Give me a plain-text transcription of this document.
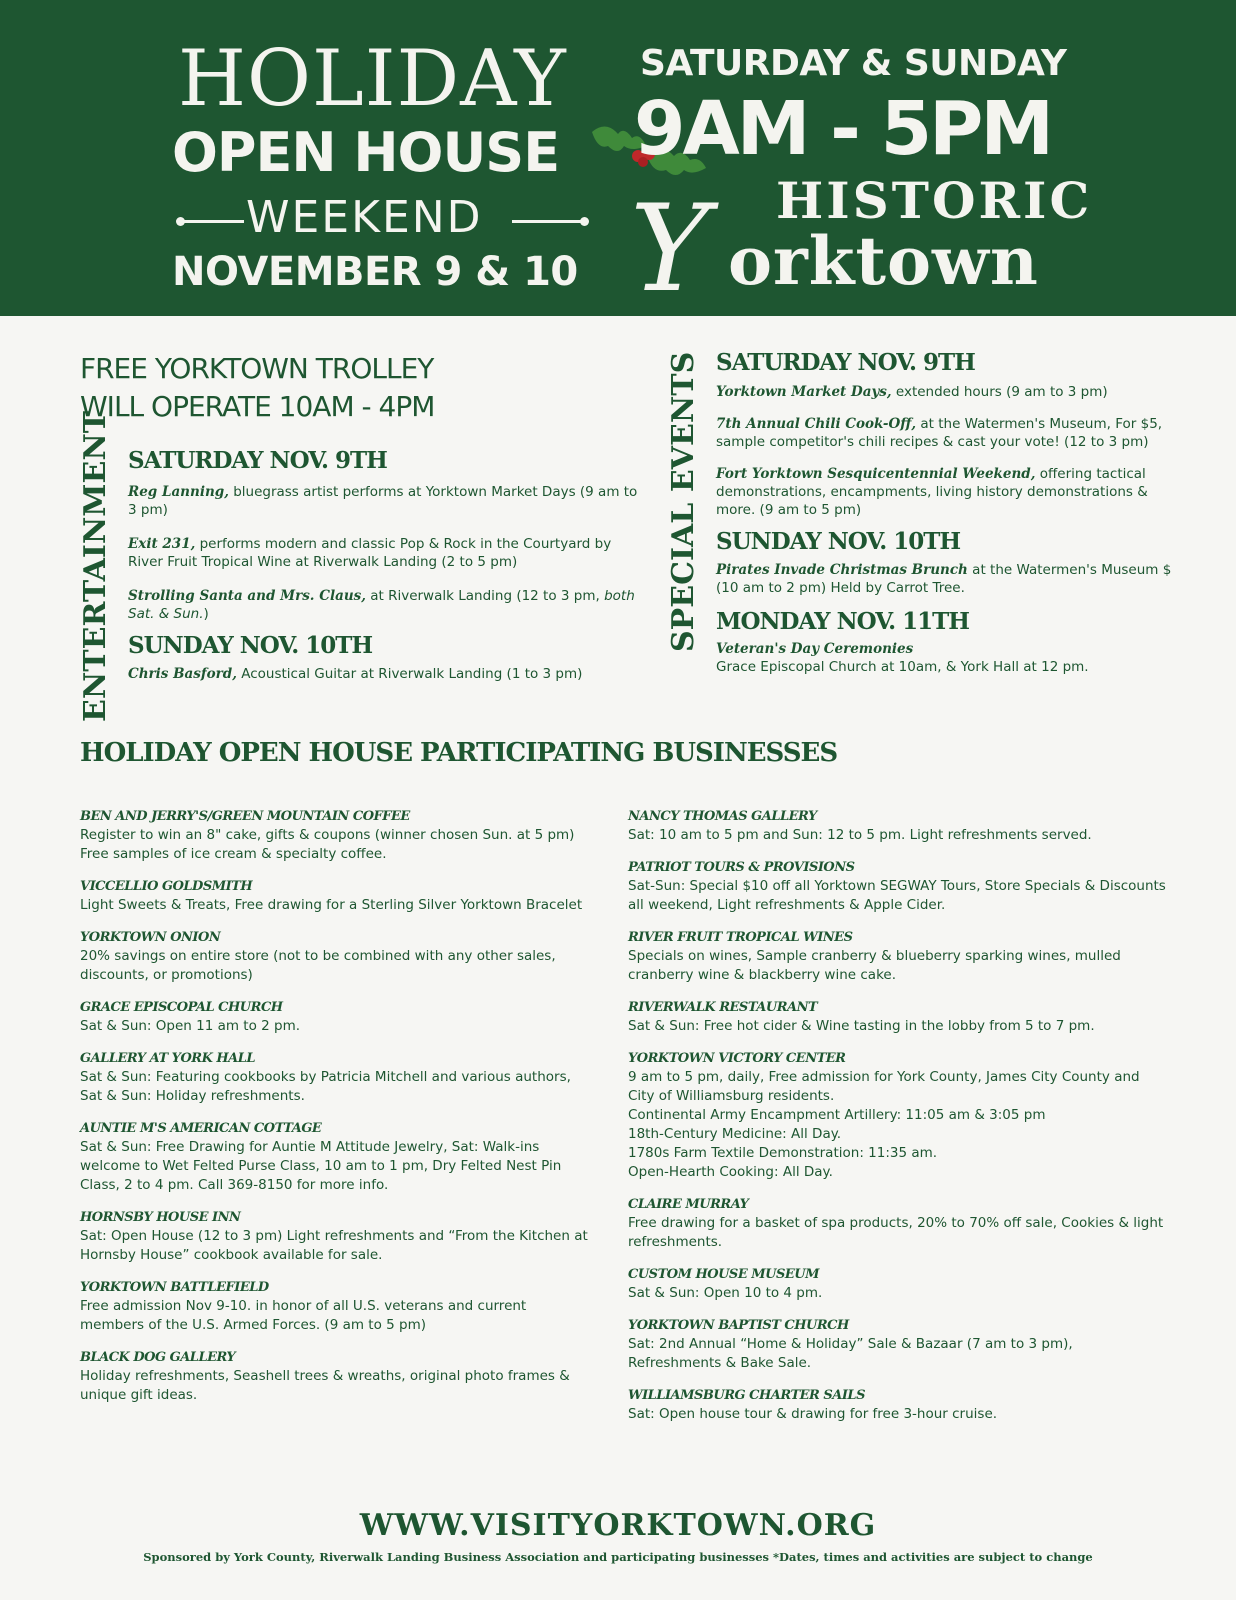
HOLIDAY
OPEN HOUSE
WEEKEND
NOVEMBER 9 & 10
SATURDAY & SUNDAY
9AM - 5PM
HISTORIC
Y orktown
FREE YORKTOWN TROLLEY
WILL OPERATE 10AM - 4PM
ENTERTAINMENT SATURDAY NOV. 9TH

Reg Lanning, bluegrass artist performs at Yorktown Market Days (9 am to 3 pm)

Exit 231, performs modern and classic Pop & Rock in the Courtyard by River Fruit Tropical Wine at Riverwalk Landing (2 to 5 pm)

Strolling Santa and Mrs. Claus, at Riverwalk Landing (12 to 3 pm, both Sat. & Sun.)

SUNDAY NOV. 10TH

Chris Basford, Acoustical Guitar at Riverwalk Landing (1 to 3 pm)

SPECIAL EVENTS SATURDAY NOV. 9TH

Yorktown Market Days, extended hours (9 am to 3 pm)

7th Annual Chili Cook-Off, at the Watermen's Museum, For $5, sample competitor's chili recipes & cast your vote! (12 to 3 pm)

Fort Yorktown Sesquicentennial Weekend, offering tactical demonstrations, encampments, living history demonstrations & more. (9 am to 5 pm)

SUNDAY NOV. 10TH

Pirates Invade Christmas Brunch at the Watermen's Museum $ (10 am to 2 pm) Held by Carrot Tree.

MONDAY NOV. 11TH

Veteran's Day Ceremonies
Grace Episcopal Church at 10am, & York Hall at 12 pm.

HOLIDAY OPEN HOUSE PARTICIPATING BUSINESSES
BEN AND JERRY'S/GREEN MOUNTAIN COFFEE
Register to win an 8" cake, gifts & coupons (winner chosen Sun. at 5 pm) Free samples of ice cream & specialty coffee.
VICCELLIO GOLDSMITH
Light Sweets & Treats, Free drawing for a Sterling Silver Yorktown Bracelet
YORKTOWN ONION
20% savings on entire store (not to be combined with any other sales, discounts, or promotions)
GRACE EPISCOPAL CHURCH
Sat & Sun: Open 11 am to 2 pm.
GALLERY AT YORK HALL
Sat & Sun: Featuring cookbooks by Patricia Mitchell and various authors, Sat & Sun: Holiday refreshments.
AUNTIE M'S AMERICAN COTTAGE
Sat & Sun: Free Drawing for Auntie M Attitude Jewelry, Sat: Walk-ins welcome to Wet Felted Purse Class, 10 am to 1 pm, Dry Felted Nest Pin Class, 2 to 4 pm. Call 369-8150 for more info.
HORNSBY HOUSE INN
Sat: Open House (12 to 3 pm) Light refreshments and “From the Kitchen at Hornsby House” cookbook available for sale.
YORKTOWN BATTLEFIELD
Free admission Nov 9-10. in honor of all U.S. veterans and current members of the U.S. Armed Forces. (9 am to 5 pm)
BLACK DOG GALLERY
Holiday refreshments, Seashell trees & wreaths, original photo frames & unique gift ideas.
NANCY THOMAS GALLERY
Sat: 10 am to 5 pm and Sun: 12 to 5 pm. Light refreshments served.
PATRIOT TOURS & PROVISIONS
Sat-Sun: Special $10 off all Yorktown SEGWAY Tours, Store Specials & Discounts all weekend, Light refreshments & Apple Cider.
RIVER FRUIT TROPICAL WINES
Specials on wines, Sample cranberry & blueberry sparking wines, mulled cranberry wine & blackberry wine cake.
RIVERWALK RESTAURANT
Sat & Sun: Free hot cider & Wine tasting in the lobby from 5 to 7 pm.
YORKTOWN VICTORY CENTER
9 am to 5 pm, daily, Free admission for York County, James City County and City of Williamsburg residents.
Continental Army Encampment Artillery: 11:05 am & 3:05 pm
18th-Century Medicine: All Day.
1780s Farm Textile Demonstration: 11:35 am.
Open-Hearth Cooking: All Day.
CLAIRE MURRAY
Free drawing for a basket of spa products, 20% to 70% off sale, Cookies & light refreshments.
CUSTOM HOUSE MUSEUM
Sat & Sun: Open 10 to 4 pm.
YORKTOWN BAPTIST CHURCH
Sat: 2nd Annual “Home & Holiday” Sale & Bazaar (7 am to 3 pm), Refreshments & Bake Sale.
WILLIAMSBURG CHARTER SAILS
Sat: Open house tour & drawing for free 3-hour cruise.
WWW.VISITYORKTOWN.ORG
Sponsored by York County, Riverwalk Landing Business Association and participating businesses *Dates, times and activities are subject to change
